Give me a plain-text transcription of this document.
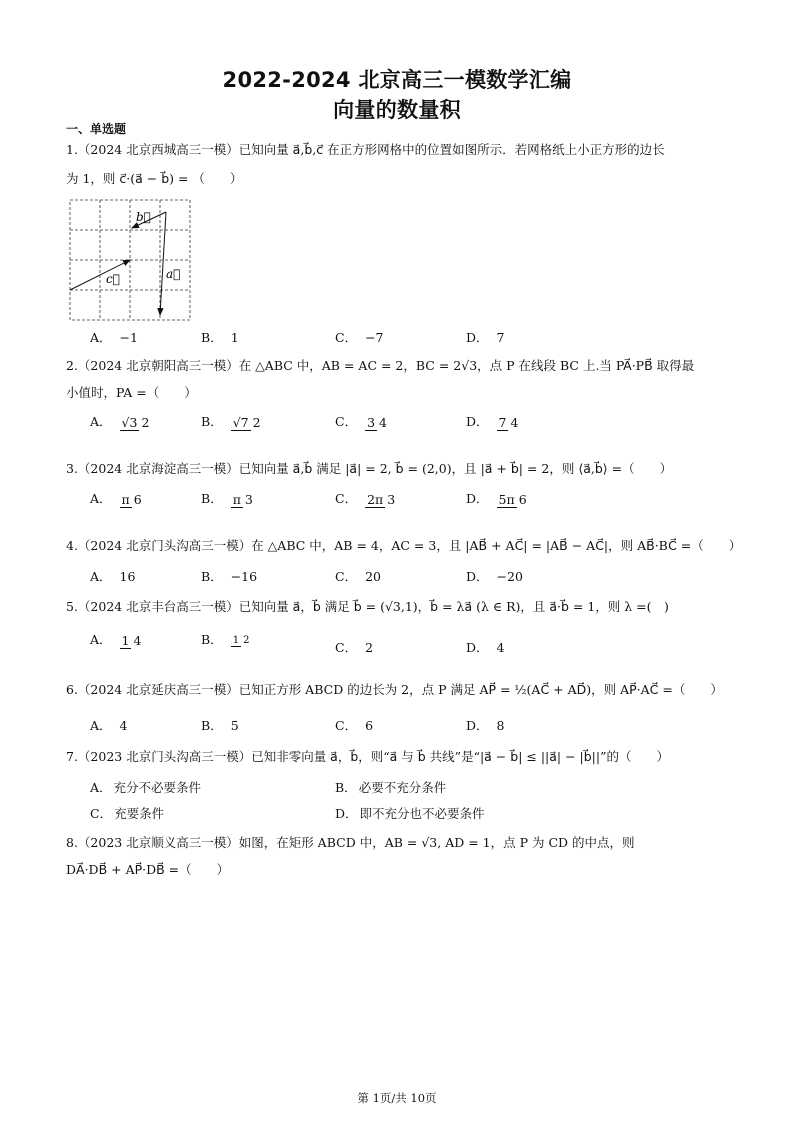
2022-2024 北京高三一模数学汇编
向量的数量积
一、单选题
1.（2024 北京西城高三一模）已知向量 a⃗,b⃗,c⃗ 在正方形网格中的位置如图所示．若网格纸上小正方形的边长
为 1，则 c⃗·(a⃗ − b⃗) = （　　）
b⃗
a⃗
c⃗
A． −1	B． 1	C． −7	D． 7
2.（2024 北京朝阳高三一模）在 △ABC 中，AB = AC = 2，BC = 2√3，点 P 在线段 BC 上.当 PA⃗·PB⃗ 取得最
小值时，PA =（　　）
A． √3 2	B． √7 2	C． 3 4	D． 7 4
3.（2024 北京海淀高三一模）已知向量 a⃗,b⃗ 满足 |a⃗| = 2, b⃗ = (2,0)，且 |a⃗ + b⃗| = 2，则 ⟨a⃗,b⃗⟩ =（　　）
A． π 6	B． π 3	C． 2π 3	D． 5π 6
4.（2024 北京门头沟高三一模）在 △ABC 中，AB = 4，AC = 3，且 |AB⃗ + AC⃗| = |AB⃗ − AC⃗|，则 AB⃗·BC⃗ =（　　）
A． 16	B． −16	C． 20	D． −20
5.（2024 北京丰台高三一模）已知向量 a⃗，b⃗ 满足 b⃗ = (√3,1)，b⃗ = λa⃗ (λ ∈ R)，且 a⃗·b⃗ = 1，则 λ =(　)
A． 1 4	B． 1 2	C． 2	D． 4
6.（2024 北京延庆高三一模）已知正方形 ABCD 的边长为 2，点 P 满足 AP⃗ = ½(AC⃗ + AD⃗)，则 AP⃗·AC⃗ =（　　）
A． 4	B． 5	C． 6	D． 8
7.（2023 北京门头沟高三一模）已知非零向量 a⃗，b⃗，则“a⃗ 与 b⃗ 共线”是“|a⃗ − b⃗| ≤ ||a⃗| − |b⃗||”的（　　）
A． 充分不必要条件	B． 必要不充分条件
C． 充要条件	D． 即不充分也不必要条件
8.（2023 北京顺义高三一模）如图，在矩形 ABCD 中，AB = √3, AD = 1，点 P 为 CD 的中点，则
DA⃗·DB⃗ + AP⃗·DB⃗ =（　　）
第 1页/共 10页
